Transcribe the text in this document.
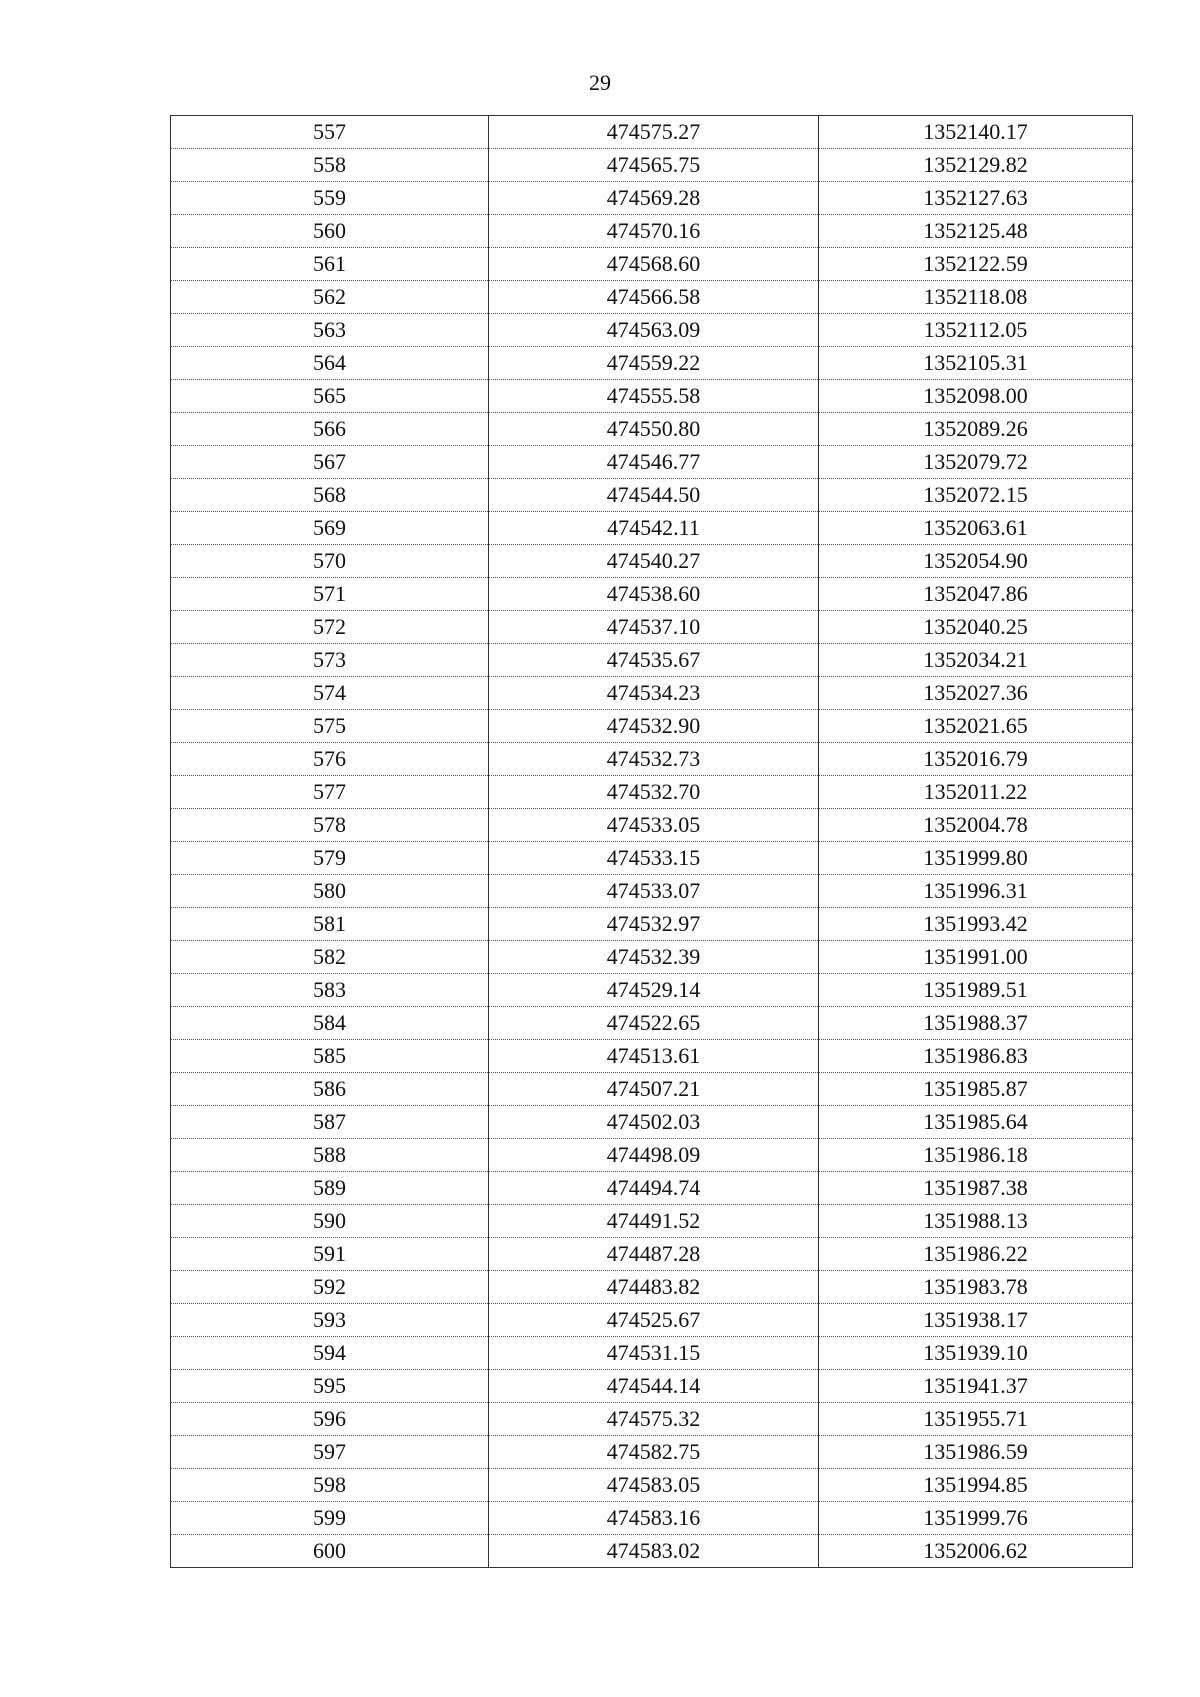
29
557	474575.27	1352140.17
558	474565.75	1352129.82
559	474569.28	1352127.63
560	474570.16	1352125.48
561	474568.60	1352122.59
562	474566.58	1352118.08
563	474563.09	1352112.05
564	474559.22	1352105.31
565	474555.58	1352098.00
566	474550.80	1352089.26
567	474546.77	1352079.72
568	474544.50	1352072.15
569	474542.11	1352063.61
570	474540.27	1352054.90
571	474538.60	1352047.86
572	474537.10	1352040.25
573	474535.67	1352034.21
574	474534.23	1352027.36
575	474532.90	1352021.65
576	474532.73	1352016.79
577	474532.70	1352011.22
578	474533.05	1352004.78
579	474533.15	1351999.80
580	474533.07	1351996.31
581	474532.97	1351993.42
582	474532.39	1351991.00
583	474529.14	1351989.51
584	474522.65	1351988.37
585	474513.61	1351986.83
586	474507.21	1351985.87
587	474502.03	1351985.64
588	474498.09	1351986.18
589	474494.74	1351987.38
590	474491.52	1351988.13
591	474487.28	1351986.22
592	474483.82	1351983.78
593	474525.67	1351938.17
594	474531.15	1351939.10
595	474544.14	1351941.37
596	474575.32	1351955.71
597	474582.75	1351986.59
598	474583.05	1351994.85
599	474583.16	1351999.76
600	474583.02	1352006.62
